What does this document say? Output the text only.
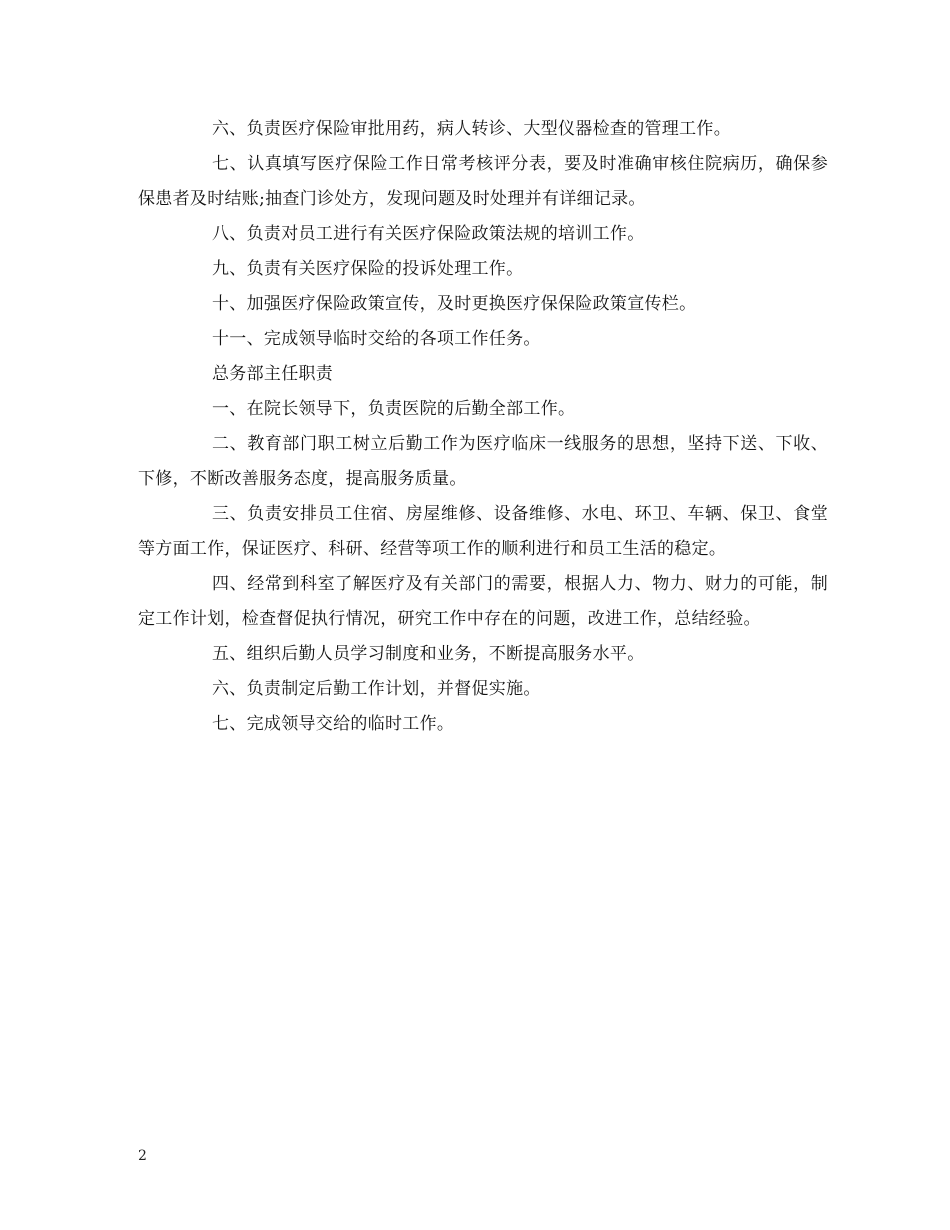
六、负责医疗保险审批用药，病人转诊、大型仪器检查的管理工作。

七、认真填写医疗保险工作日常考核评分表，要及时准确审核住院病历，确保参保患者及时结账;抽查门诊处方，发现问题及时处理并有详细记录。

八、负责对员工进行有关医疗保险政策法规的培训工作。

九、负责有关医疗保险的投诉处理工作。

十、加强医疗保险政策宣传，及时更换医疗保保险政策宣传栏。

十一、完成领导临时交给的各项工作任务。

总务部主任职责

一、在院长领导下，负责医院的后勤全部工作。

二、教育部门职工树立后勤工作为医疗临床一线服务的思想，坚持下送、下收、下修，不断改善服务态度，提高服务质量。

三、负责安排员工住宿、房屋维修、设备维修、水电、环卫、车辆、保卫、食堂等方面工作，保证医疗、科研、经营等项工作的顺利进行和员工生活的稳定。

四、经常到科室了解医疗及有关部门的需要，根据人力、物力、财力的可能，制定工作计划，检查督促执行情况，研究工作中存在的问题，改进工作，总结经验。

五、组织后勤人员学习制度和业务，不断提高服务水平。

六、负责制定后勤工作计划，并督促实施。

七、完成领导交给的临时工作。

2
